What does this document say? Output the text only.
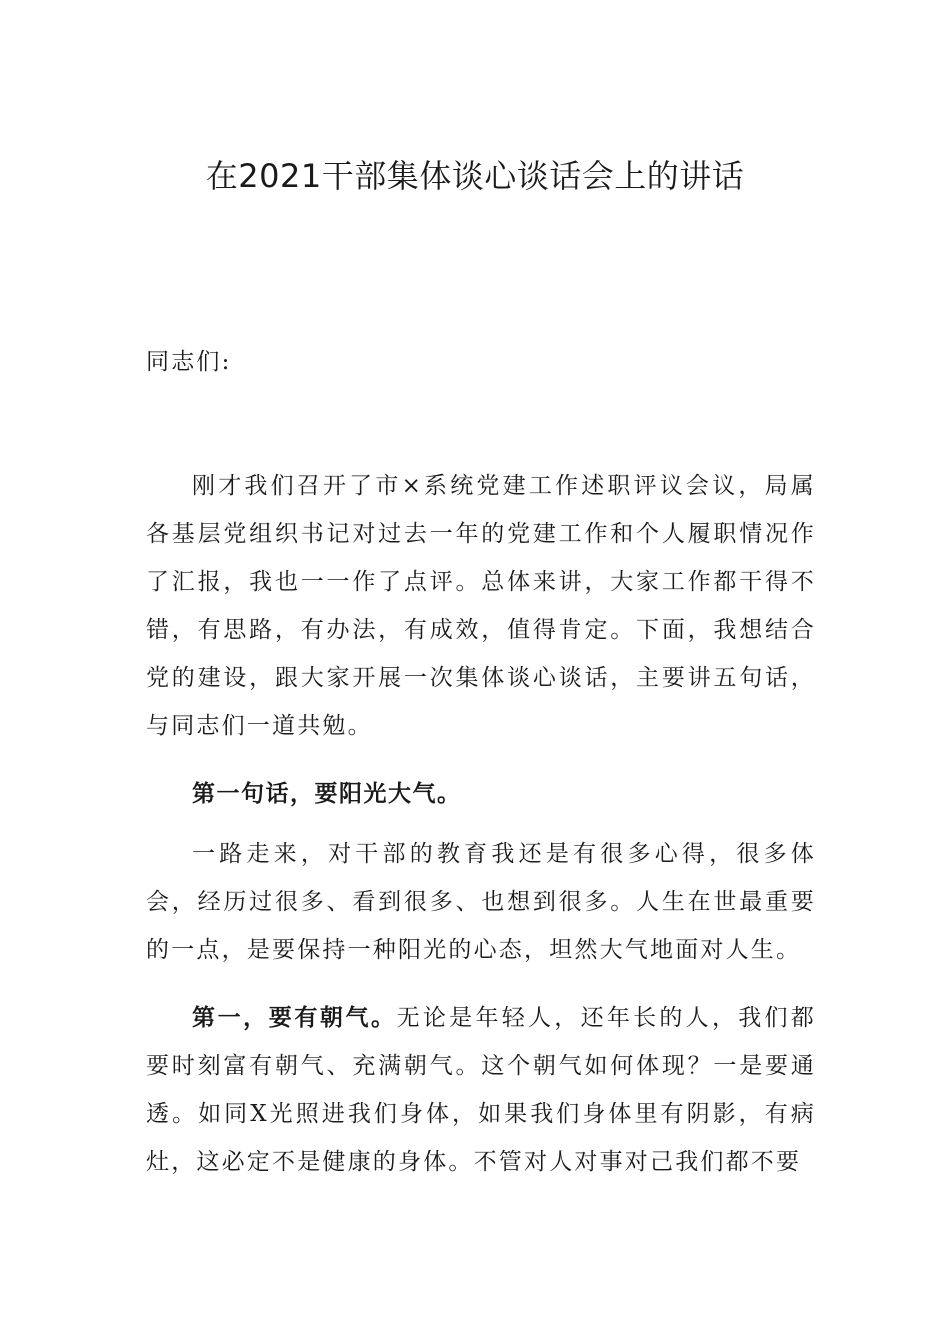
在2021干部集体谈心谈话会上的讲话

同志们:

刚才我们召开了市×系统党建工作述职评议会议，局属各基层党组织书记对过去一年的党建工作和个人履职情况作了汇报，我也一一作了点评。总体来讲，大家工作都干得不错，有思路，有办法，有成效，值得肯定。下面，我想结合党的建设，跟大家开展一次集体谈心谈话，主要讲五句话，与同志们一道共勉。

第一句话，要阳光大气。

一路走来，对干部的教育我还是有很多心得，很多体会，经历过很多、看到很多、也想到很多。人生在世最重要的一点，是要保持一种阳光的心态，坦然大气地面对人生。

第一，要有朝气。无论是年轻人，还年长的人，我们都要时刻富有朝气、充满朝气。这个朝气如何体现？一是要通透。如同X光照进我们身体，如果我们身体里有阴影，有病灶，这必定不是健康的身体。不管对人对事对己我们都不要
